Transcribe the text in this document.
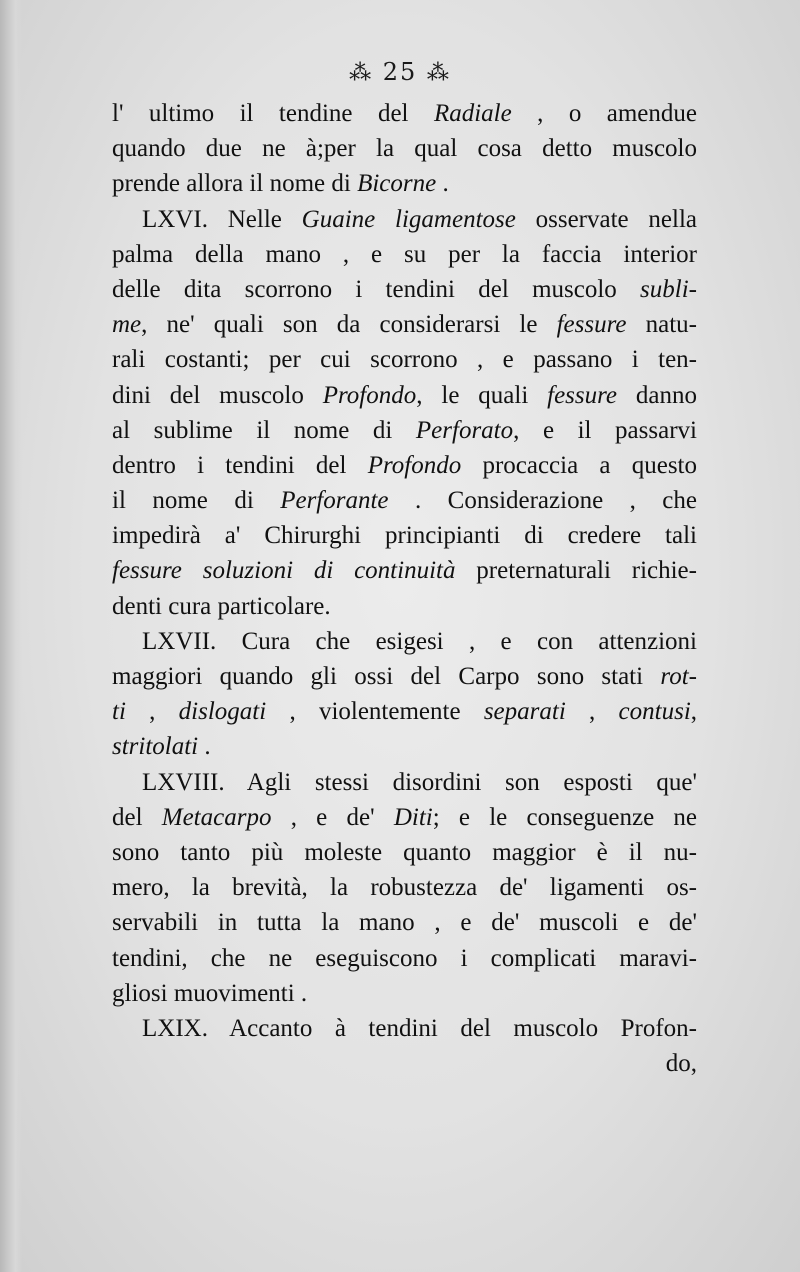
⁂ 25 ⁂
l' ultimo il tendine del Radiale , o amendue
quando due ne à;per la qual cosa detto muscolo
prende allora il nome di Bicorne .
LXVI. Nelle Guaine ligamentose osservate nella
palma della mano , e su per la faccia interior
delle dita scorrono i tendini del muscolo subli-
me, ne' quali son da considerarsi le fessure natu-
rali costanti; per cui scorrono , e passano i ten-
dini del muscolo Profondo, le quali fessure danno
al sublime il nome di Perforato, e il passarvi
dentro i tendini del Profondo procaccia a questo
il nome di Perforante . Considerazione , che
impedirà a' Chirurghi principianti di credere tali
fessure soluzioni di continuità preternaturali richie-
denti cura particolare.
LXVII. Cura che esigesi , e con attenzioni
maggiori quando gli ossi del Carpo sono stati rot-
ti , dislogati , violentemente separati , contusi,
stritolati .
LXVIII. Agli stessi disordini son esposti que'
del Metacarpo , e de' Diti; e le conseguenze ne
sono tanto più moleste quanto maggior è il nu-
mero, la brevità, la robustezza de' ligamenti os-
servabili in tutta la mano , e de' muscoli e de'
tendini, che ne eseguiscono i complicati maravi-
gliosi muovimenti .
LXIX. Accanto à tendini del muscolo Profon-
do,
